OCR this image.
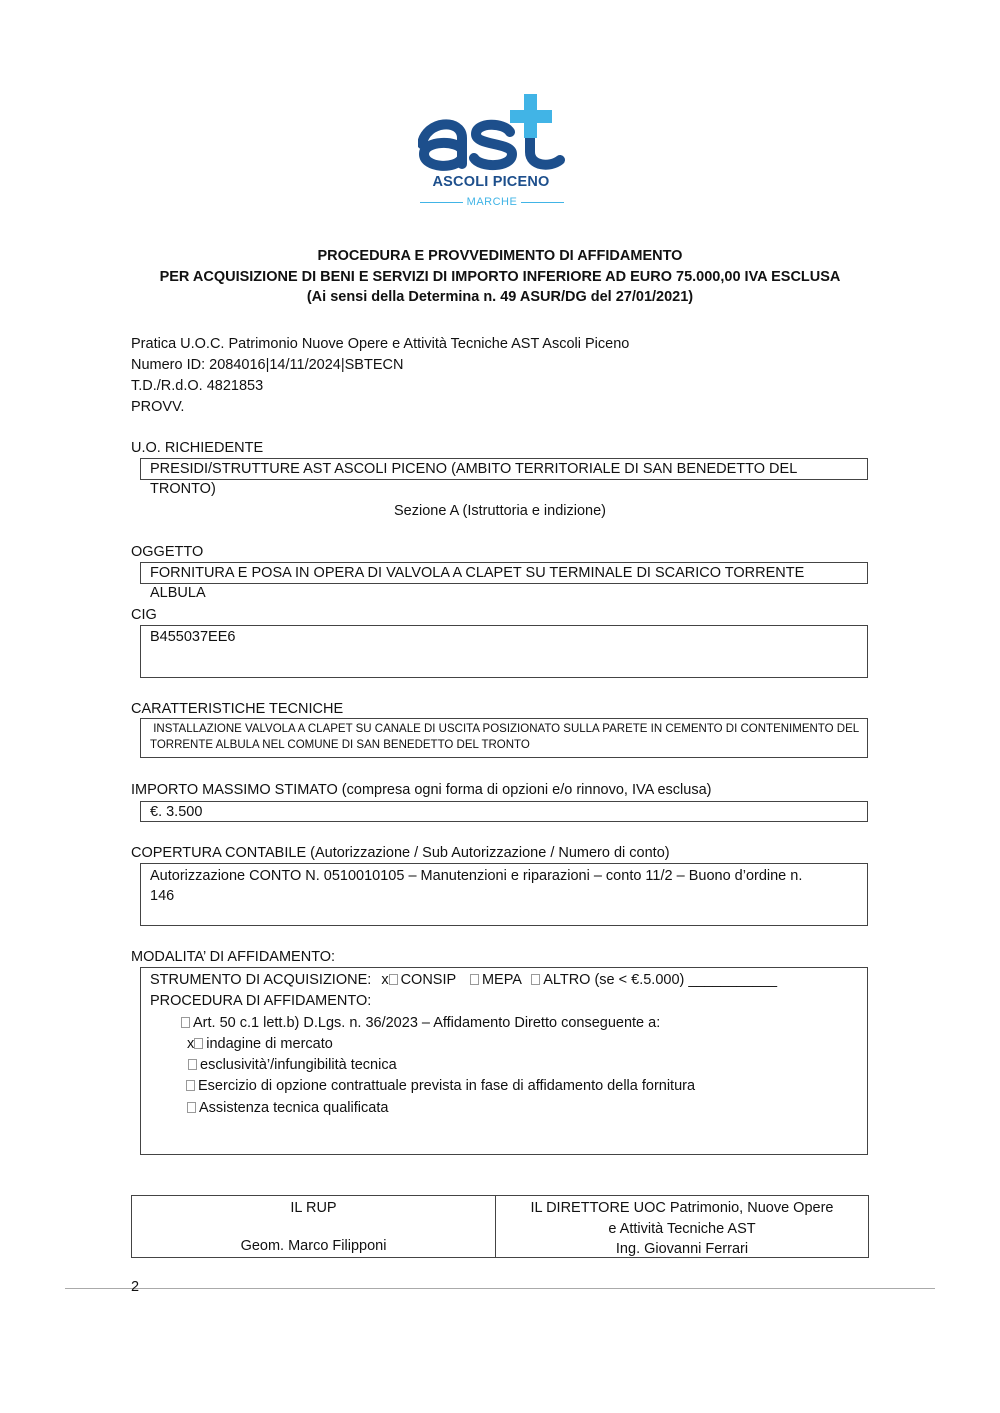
ASCOLI PICENO
MARCHE
PROCEDURA E PROVVEDIMENTO DI AFFIDAMENTO
PER ACQUISIZIONE DI BENI E SERVIZI DI IMPORTO INFERIORE AD EURO 75.000,00 IVA ESCLUSA
(Ai sensi della Determina n. 49 ASUR/DG del 27/01/2021)
Pratica U.O.C. Patrimonio Nuove Opere e Attività Tecniche AST Ascoli Piceno
Numero ID: 2084016|14/11/2024|SBTECN
T.D./R.d.O. 4821853
PROVV.
U.O. RICHIEDENTE
PRESIDI/STRUTTURE AST ASCOLI PICENO (AMBITO TERRITORIALE DI SAN BENEDETTO DEL TRONTO)
Sezione A (Istruttoria e indizione)
OGGETTO
FORNITURA E POSA IN OPERA DI VALVOLA A CLAPET SU TERMINALE DI SCARICO TORRENTE ALBULA
CIG
B455037EE6
CARATTERISTICHE TECNICHE
INSTALLAZIONE VALVOLA A CLAPET SU CANALE DI USCITA POSIZIONATO SULLA PARETE IN CEMENTO DI CONTENIMENTO DEL
TORRENTE ALBULA NEL COMUNE DI SAN BENEDETTO DEL TRONTO
IMPORTO MASSIMO STIMATO (compresa ogni forma di opzioni e/o rinnovo, IVA esclusa)
€. 3.500
COPERTURA CONTABILE (Autorizzazione / Sub Autorizzazione / Numero di conto)
Autorizzazione CONTO N. 0510010105 – Manutenzioni e riparazioni – conto 11/2 – Buono d’ordine n.
146
MODALITA’ DI AFFIDAMENTO:
STRUMENTO DI ACQUISIZIONE: x CONSIP MEPA ALTRO (se < €.5.000) ___________
PROCEDURA DI AFFIDAMENTO:
Art. 50 c.1 lett.b) D.Lgs. n. 36/2023 – Affidamento Diretto conseguente a:
x indagine di mercato
esclusività’/infungibilità tecnica
Esercizio di opzione contrattuale prevista in fase di affidamento della fornitura
Assistenza tecnica qualificata
IL RUP
Geom. Marco Filipponi
IL DIRETTORE UOC Patrimonio, Nuove Opere
e Attività Tecniche AST
Ing. Giovanni Ferrari
2
